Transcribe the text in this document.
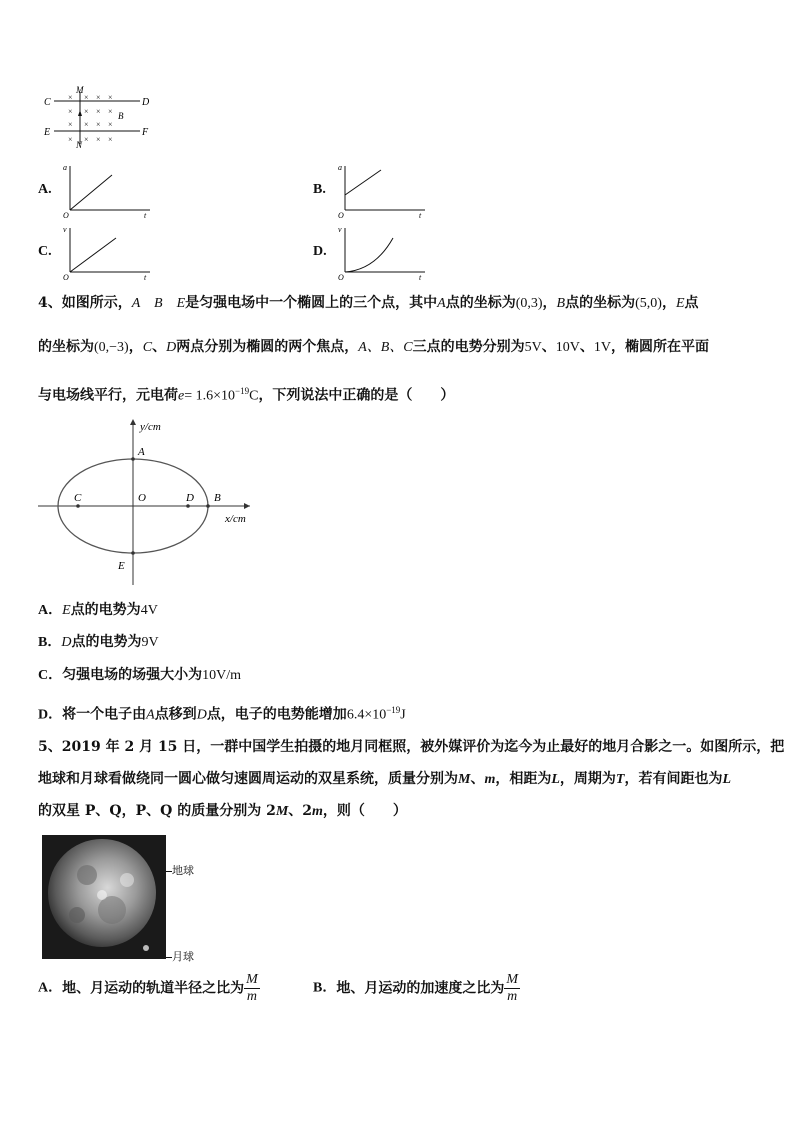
C	D
E	F
M
N
B
× × × ×
× × × ×
× × × ×
× × × ×
A.
a
t
O
B.
a
t
O
C.
v
t
O
D.
v
t
O
4、如图所示，A　B　E是匀强电场中一个椭圆上的三个点，其中A点的坐标为(0,3)，B点的坐标为(5,0)，E点
的坐标为(0,−3)，C、D两点分别为椭圆的两个焦点，A、B、C三点的电势分别为5V、10V、1V，椭圆所在平面
与电场线平行，元电荷$e= 1.6\times 10^{-19}C$，下列说法中正确的是（　　）
y/cm
x/cm
A
B
C	D
E
O
A．E点的电势为4V
B．D点的电势为9V
C．匀强电场的场强大小为10V/m
D．将一个电子由A点移到D点，电子的电势能增加$6.4\times 10^{-19}J$
5、2019 年 2 月 15 日，一群中国学生拍摄的地月同框照，被外媒评价为迄今为止最好的地月合影之一。如图所示，把
地球和月球看做绕同一圆心做匀速圆周运动的双星系统，质量分别为M、m，相距为L，周期为T，若有间距也为L
的双星 P、Q，P、Q 的质量分别为 2M、2m，则（　　）
地球
月球
A．地、月运动的轨道半径之比为 $\frac{M}{m}$	B．地、月运动的加速度之比为 $\frac{M}{m}$
